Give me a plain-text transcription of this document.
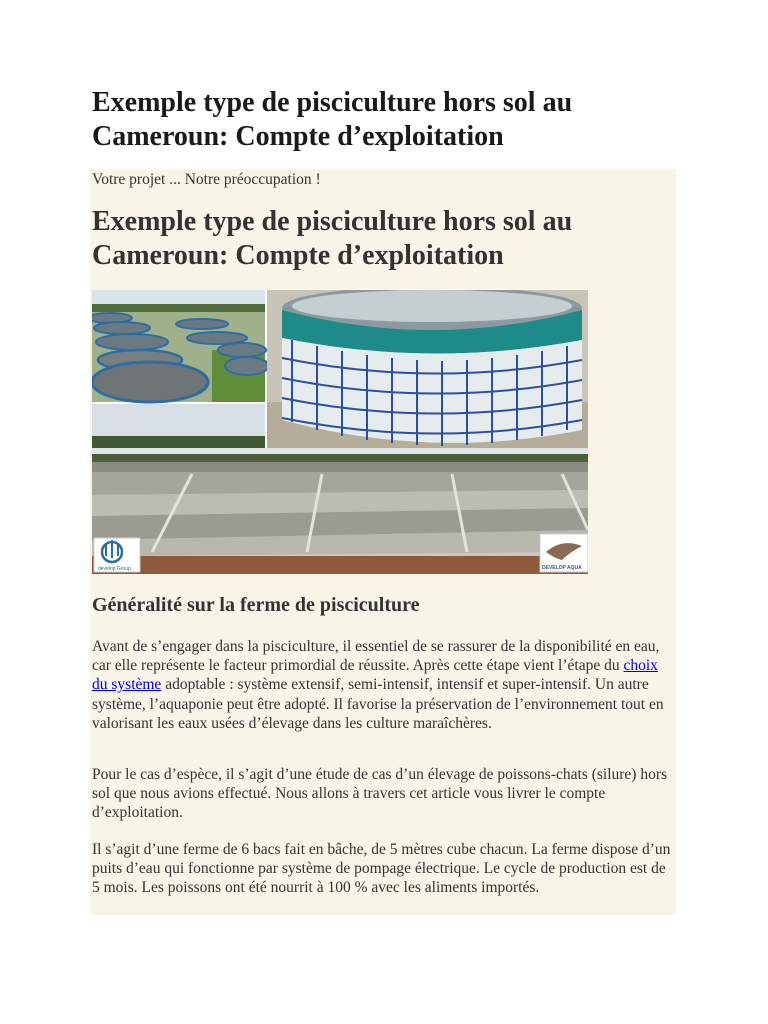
Exemple type de pisciculture hors sol au Cameroun: Compte d’exploitation

Votre projet ... Notre préoccupation !

Exemple type de pisciculture hors sol au Cameroun: Compte d’exploitation
develop Group	DEVELOP AQUA
Généralité sur la ferme de pisciculture

Avant de s’engager dans la pisciculture, il essentiel de se rassurer de la disponibilité en eau, car elle représente le facteur primordial de réussite. Après cette étape vient l’étape du choix du système adoptable : système extensif, semi-intensif, intensif et super-intensif. Un autre système, l’aquaponie peut être adopté. Il favorise la préservation de l’environnement tout en valorisant les eaux usées d’élevage dans les culture maraîchères.

Pour le cas d’espèce, il s’agit d’une étude de cas d’un élevage de poissons-chats (silure) hors sol que nous avions effectué. Nous allons à travers cet article vous livrer le compte d’exploitation.

Il s’agit d’une ferme de 6 bacs fait en bâche, de 5 mètres cube chacun. La ferme dispose d’un puits d’eau qui fonctionne par système de pompage électrique. Le cycle de production est de 5 mois. Les poissons ont été nourrit à 100 % avec les aliments importés.
